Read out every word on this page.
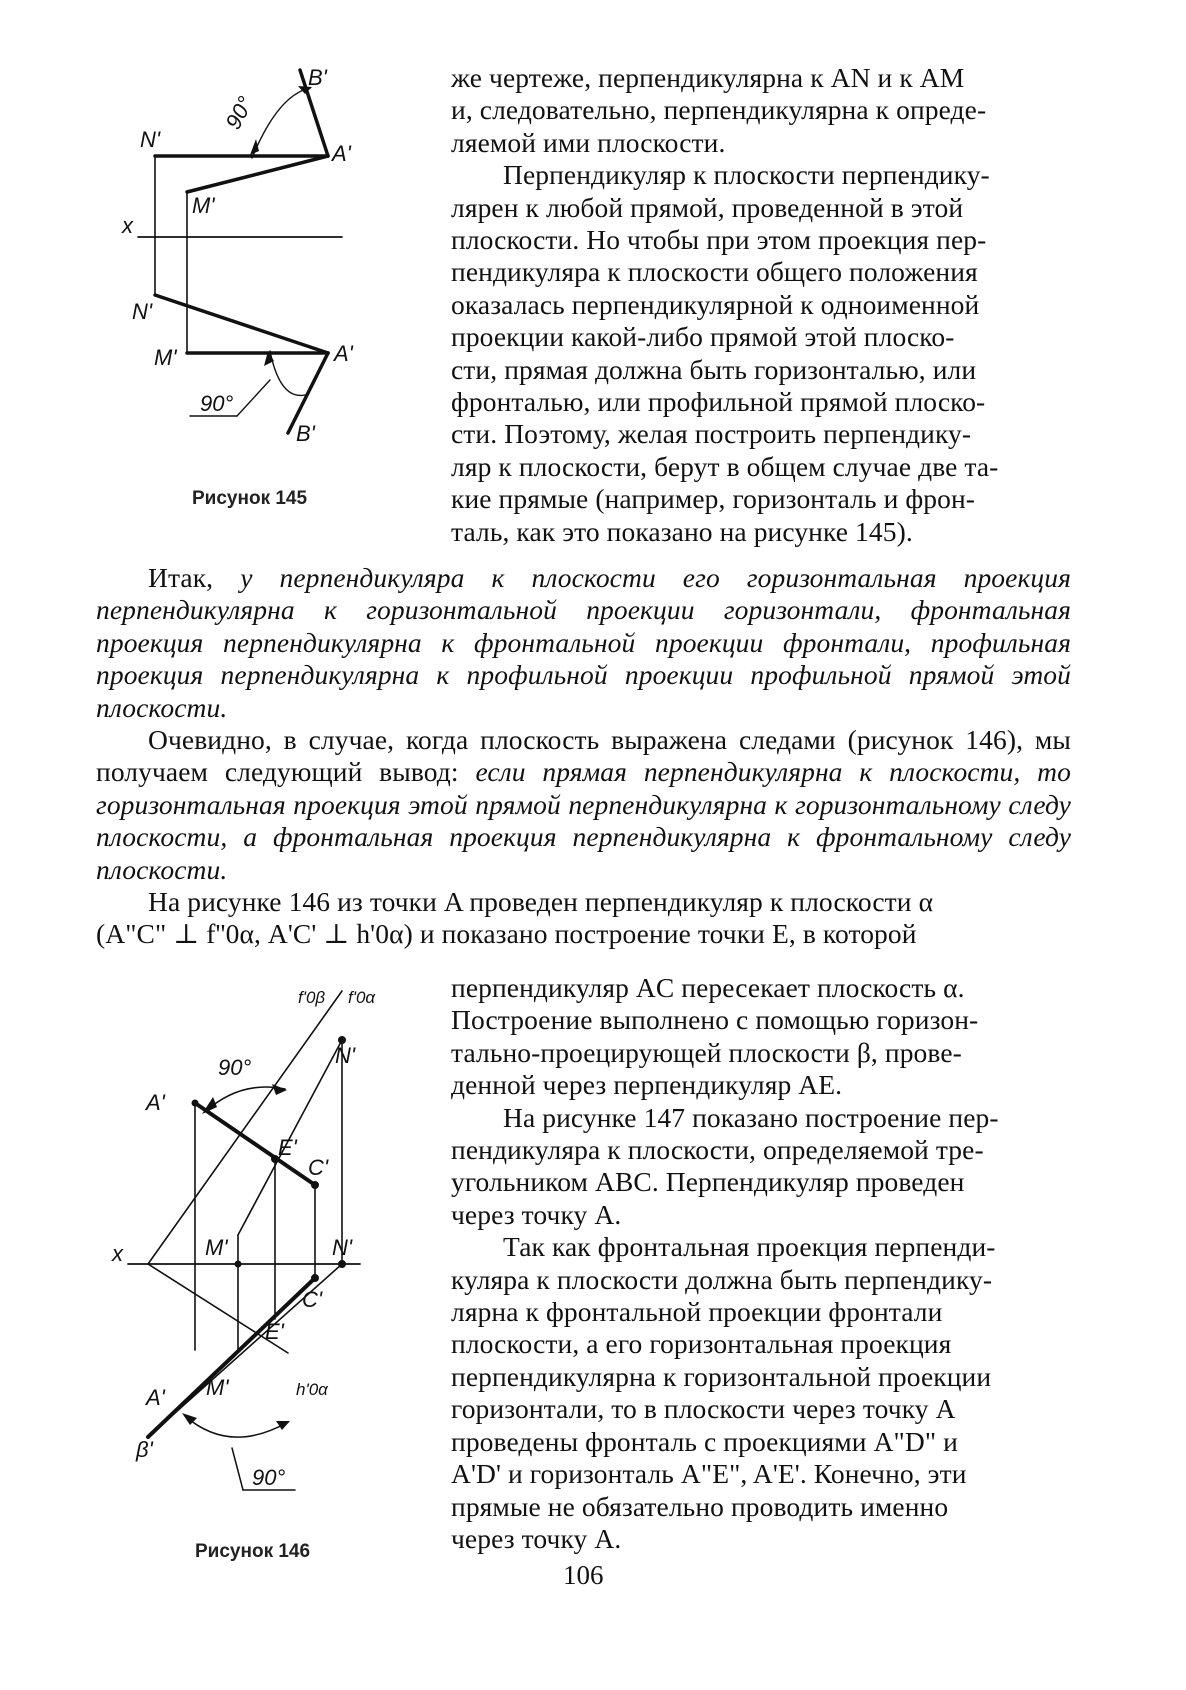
B'
N'
A'
M'
x
N'
M'	A'
B'
90°
90°
Рисунок 145
f'0β f'0α
90°
A'
N'
E'
C'
x	M'	N'
C'
E'
A' M'	h'0α
β'
90°
Рисунок 146
же чертеже, перпендикулярна к AN и к AM
и, следовательно, перпендикулярна к опреде-
ляемой ими плоскости.
Перпендикуляр к плоскости перпендику-
лярен к любой прямой, проведенной в этой
плоскости. Но чтобы при этом проекция пер-
пендикуляра к плоскости общего положения
оказалась перпендикулярной к одноименной
проекции какой-либо прямой этой плоско-
сти, прямая должна быть горизонталью, или
фронталью, или профильной прямой плоско-
сти. Поэтому, желая построить перпендику-
ляр к плоскости, берут в общем случае две та-
кие прямые (например, горизонталь и фрон-
таль, как это показано на рисунке 145).

Итак, у перпендикуляра к плоскости его горизонтальная проекция перпендикулярна к горизонтальной проекции горизонтали, фронтальная проекция перпендикулярна к фронтальной проекции фронтали, профильная проекция перпендикулярна к профильной проекции профильной прямой этой плоскости.

Очевидно, в случае, когда плоскость выражена следами (рисунок 146), мы получаем следующий вывод: если прямая перпендикулярна к плоскости, то горизонтальная проекция этой прямой перпендикулярна к горизонтальному следу плоскости, а фронтальная проекция перпендикулярна к фронтальному следу плоскости.

На рисунке 146 из точки A проведен перпендикуляр к плоскости α
(A"C" ⊥ f''0α, A'C' ⊥ h'0α) и показано построение точки E, в которой
перпендикуляр AC пересекает плоскость α.
Построение выполнено с помощью горизон-
тально-проецирующей плоскости β, прове-
денной через перпендикуляр AE.
На рисунке 147 показано построение пер-
пендикуляра к плоскости, определяемой тре-
угольником ABC. Перпендикуляр проведен
через точку A.
Так как фронтальная проекция перпенди-
куляра к плоскости должна быть перпендику-
лярна к фронтальной проекции фронтали
плоскости, а его горизонтальная проекция
перпендикулярна к горизонтальной проекции
горизонтали, то в плоскости через точку A
проведены фронталь с проекциями A"D" и
A'D' и горизонталь A"E", A'E'. Конечно, эти
прямые не обязательно проводить именно
через точку A.
106
